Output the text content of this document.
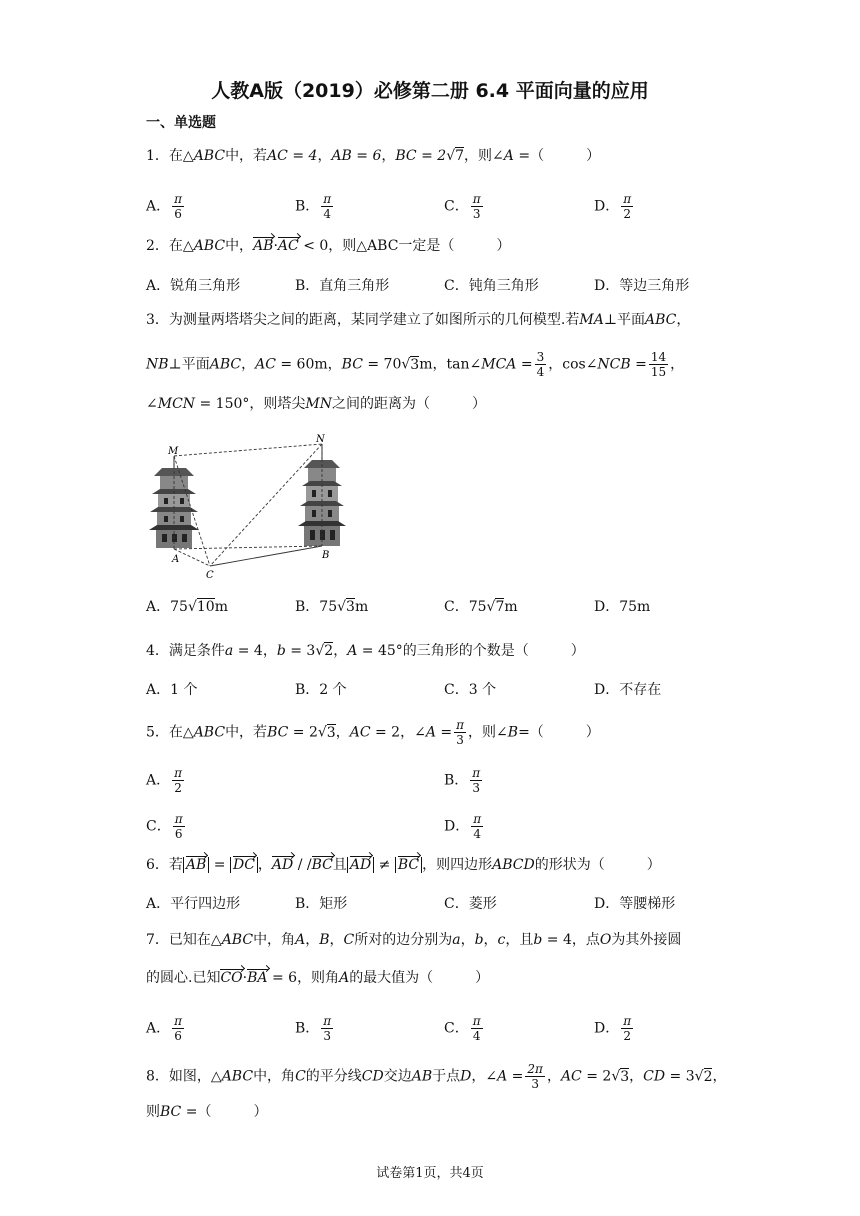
人教A版（2019）必修第二册 6.4 平面向量的应用
一、单选题
1．在△ABC中，若AC = 4，AB = 6，BC = 2√7，则∠A =（　　　）
A． $\frac{\pi}{6}$	B． $\frac{\pi}{4}$	C． $\frac{\pi}{3}$	D． $\frac{\pi}{2}$
2．在△ABC中，AB·AC < 0，则△ABC一定是（　　　）
A．锐角三角形	B．直角三角形	C．钝角三角形	D．等边三角形
3．为测量两塔塔尖之间的距离，某同学建立了如图所示的几何模型.若MA⊥平面ABC，
NB⊥平面ABC，AC = 60m，BC = 70√3m，tan∠MCA = $\frac{3}{4}$ ，cos∠NCB = $\frac{14}{15}$ ，
∠MCN = 150°，则塔尖MN之间的距离为（　　　）
M
N
A
C
B
A．75√10m	B．75√3m	C．75√7m	D．75m
4．满足条件a = 4，b = 3√2，A = 45°的三角形的个数是（　　　）
A．1 个	B．2 个	C．3 个	D．不存在
5．在△ABC中，若BC = 2√3，AC = 2，∠A = $\frac{\pi}{3}$ ，则∠B=（　　　）
A． $\frac{\pi}{2}$	B． $\frac{\pi}{3}$
C． $\frac{\pi}{6}$	D． $\frac{\pi}{4}$
6．若 AB = DC ，AD / /BC且 AD ≠ BC ，则四边形ABCD的形状为（　　　）
A．平行四边形	B．矩形	C．菱形	D．等腰梯形
7．已知在△ABC中，角A，B，C所对的边分别为a，b，c，且b = 4，点O为其外接圆
的圆心.已知CO·BA = 6，则角A的最大值为（　　　）
A． $\frac{\pi}{6}$	B． $\frac{\pi}{3}$	C． $\frac{\pi}{4}$	D． $\frac{\pi}{2}$
8．如图，△ABC中，角C的平分线CD交边AB于点D，∠A = $\frac{2\pi}{3}$ ，AC = 2√3，CD = 3√2，
则BC =（　　　）
试卷第1页，共4页
